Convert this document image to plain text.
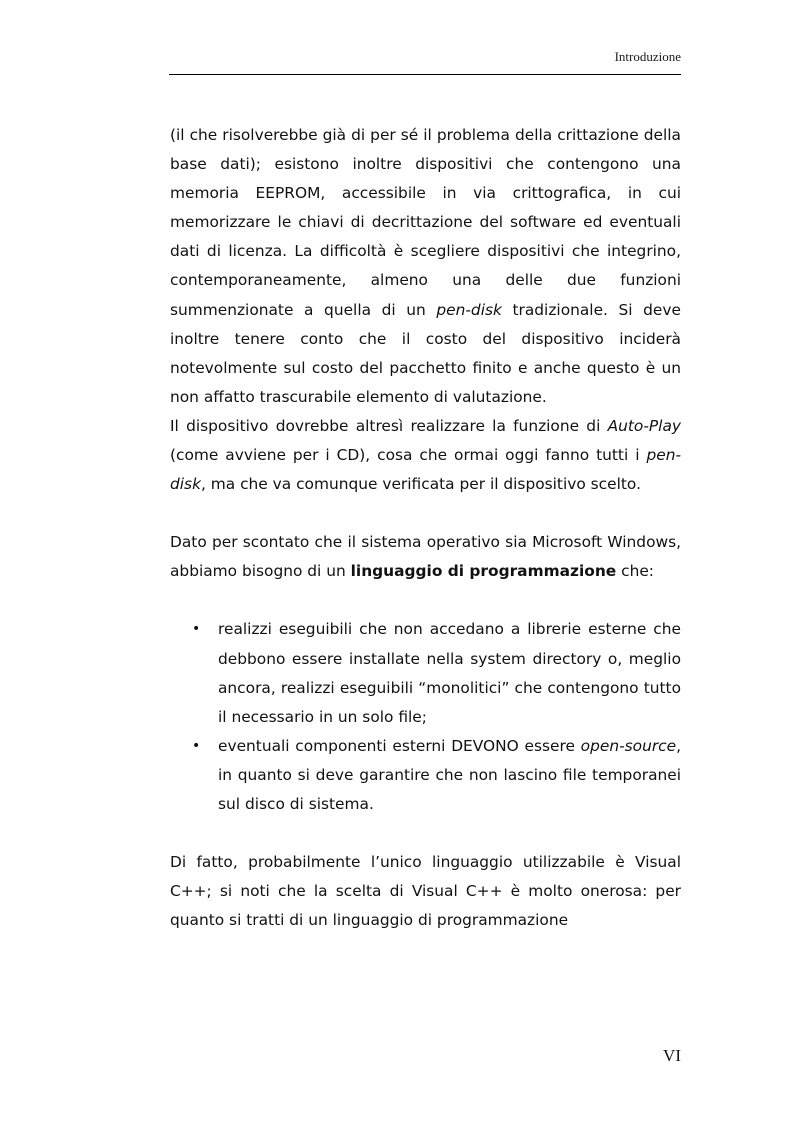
Introduzione

(il che risolverebbe già di per sé il problema della crittazione della base dati); esistono inoltre dispositivi che contengono una memoria EEPROM, accessibile in via crittografica, in cui memorizzare le chiavi di decrittazione del software ed eventuali dati di licenza. La difficoltà è scegliere dispositivi che integrino, contemporaneamente, almeno una delle due funzioni summenzionate a quella di un pen-disk tradizionale. Si deve inoltre tenere conto che il costo del dispositivo inciderà notevolmente sul costo del pacchetto finito e anche questo è un non affatto trascurabile elemento di valutazione.

Il dispositivo dovrebbe altresì realizzare la funzione di Auto-Play (come avviene per i CD), cosa che ormai oggi fanno tutti i pen-disk, ma che va comunque verificata per il dispositivo scelto.

Dato per scontato che il sistema operativo sia Microsoft Windows, abbiamo bisogno di un linguaggio di programmazione che:

• realizzi eseguibili che non accedano a librerie esterne che debbono essere installate nella system directory o, meglio ancora, realizzi eseguibili “monolitici” che contengono tutto il necessario in un solo file;
• eventuali componenti esterni DEVONO essere open-source, in quanto si deve garantire che non lascino file temporanei sul disco di sistema.

Di fatto, probabilmente l’unico linguaggio utilizzabile è Visual C++; si noti che la scelta di Visual C++ è molto onerosa: per quanto si tratti di un linguaggio di programmazione

VI
